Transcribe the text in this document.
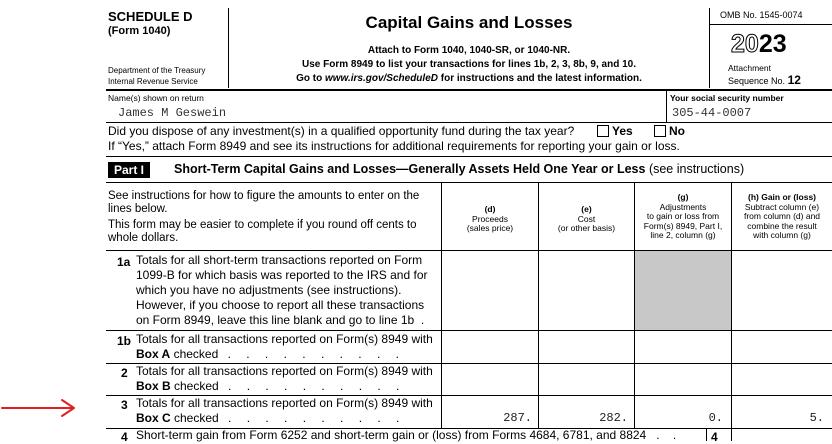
SCHEDULE D
(Form 1040)
Department of the Treasury
Internal Revenue Service
Capital Gains and Losses
Attach to Form 1040, 1040-SR, or 1040-NR.
Use Form 8949 to list your transactions for lines 1b, 2, 3, 8b, 9, and 10.
Go to www.irs.gov/ScheduleD for instructions and the latest information.
OMB No. 1545-0074
2023
Attachment
Sequence No. 12
Name(s) shown on return
James M Geswein
Your social security number
305-44-0007
Did you dispose of any investment(s) in a qualified opportunity fund during the tax year?	Yes	No
If “Yes,” attach Form 8949 and see its instructions for additional requirements for reporting your gain or loss.
Part I	Short-Term Capital Gains and Losses—Generally Assets Held One Year or Less (see instructions)
See instructions for how to figure the amounts to enter on the lines below.
This form may be easier to complete if you round off cents to whole dollars.
(d)
Proceeds
(sales price)
(e)
Cost
(or other basis)
(g)
Adjustments
to gain or loss from
Form(s) 8949, Part I,
line 2, column (g)
(h) Gain or (loss)
Subtract column (e)
from column (d) and
combine the result
with column (g)
1a Totals for all short-term transactions reported on Form
1099-B for which basis was reported to the IRS and for
which you have no adjustments (see instructions).
However, if you choose to report all these transactions
on Form 8949, leave this line blank and go to line 1b  .
1b Totals for all transactions reported on Form(s) 8949 with
Box A checked . . . . . . . . . .
2 Totals for all transactions reported on Form(s) 8949 with
Box B checked . . . . . . . . . .
3 Totals for all transactions reported on Form(s) 8949 with
Box C checked . . . . . . . . . .	287.	282.	0.	5.
4 Short-term gain from Form 6252 and short-term gain or (loss) from Forms 4684, 6781, and 8824   .    .	4
